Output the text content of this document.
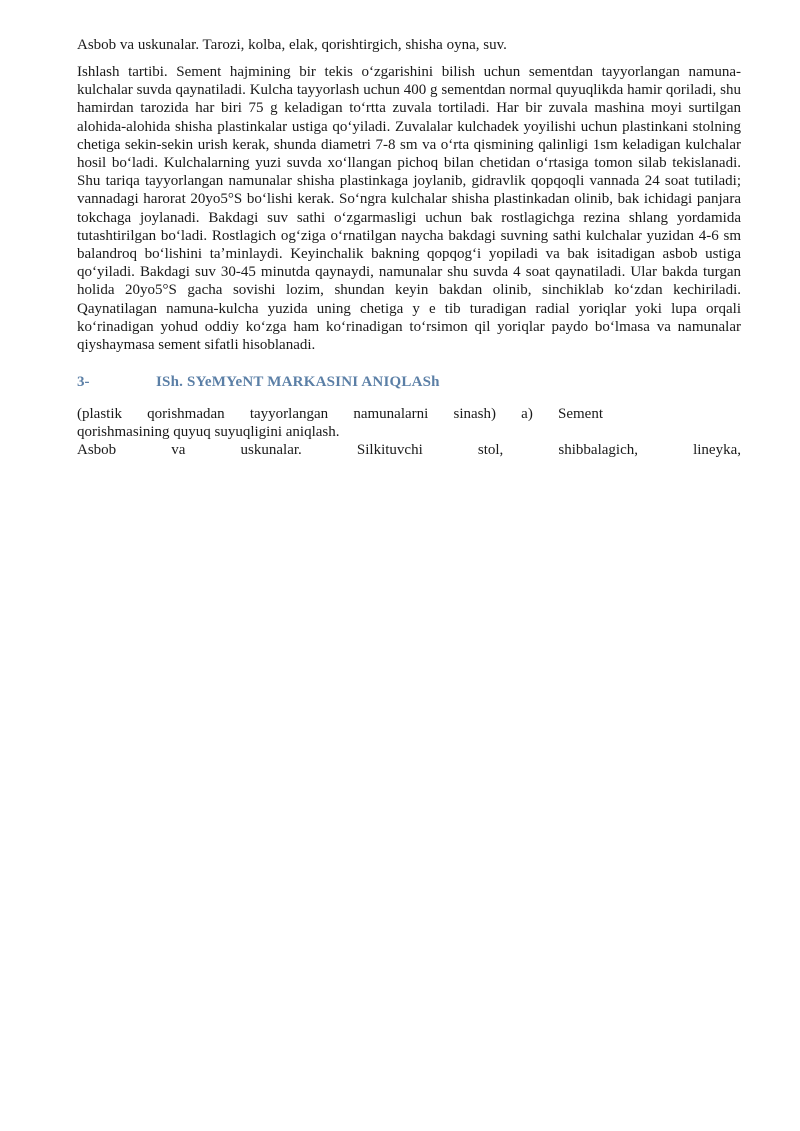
Asbob va uskunalar. Tarozi, kolba, elak, qorishtirgich, shisha oyna, suv.

Ishlash tartibi. Sement hajmining bir tekis oʻzgarishini bilish uchun sementdan tayyorlangan namuna-kulchalar suvda qaynatiladi. Kulcha tayyorlash uchun 400 g sementdan normal quyuqlikda hamir qoriladi, shu hamirdan tarozida har biri 75 g keladigan toʻrtta zuvala tortiladi. Har bir zuvala mashina moyi surtilgan alohida-alohida shisha plastinkalar ustiga qoʻyiladi. Zuvalalar kulchadek yoyilishi uchun plastinkani stolning chetiga sekin-sekin urish kerak, shunda diametri 7-8 sm va oʻrta qismining qalinligi 1sm keladigan kulchalar hosil boʻladi. Kulchalarning yuzi suvda xoʻllangan pichoq bilan chetidan oʻrtasiga tomon silab tekislanadi. Shu tariqa tayyorlangan namunalar shisha plastinkaga joylanib, gidravlik qopqoqli vannada 24 soat tutiladi; vannadagi harorat 20yo5°S boʻlishi kerak. Soʻngra kulchalar shisha plastinkadan olinib, bak ichidagi panjara tokchaga joylanadi. Bakdagi suv sathi oʻzgarmasligi uchun bak rostlagichga rezina shlang yordamida tutashtirilgan boʻladi. Rostlagich ogʻziga oʻrnatilgan naycha bakdagi suvning sathi kulchalar yuzidan 4-6 sm balandroq boʻlishini taʼminlaydi. Keyinchalik bakning qopqogʻi yopiladi va bak isitadigan asbob ustiga qoʻyiladi. Bakdagi suv 30-45 minutda qaynaydi, namunalar shu suvda 4 soat qaynatiladi. Ular bakda turgan holida 20yo5°S gacha sovishi lozim, shundan keyin bakdan olinib, sinchiklab koʻzdan kechiriladi. Qaynatilagan namuna-kulcha yuzida uning chetiga y e tib turadigan radial yoriqlar yoki lupa orqali koʻrinadigan yohud oddiy koʻzga ham koʻrinadigan toʻrsimon qil yoriqlar paydo boʻlmasa va namunalar qiyshaymasa sement sifatli hisoblanadi.

3-	ISh. SYeMYeNT MARKASINI ANIQLASh

(plastik qorishmadan tayyorlangan namunalarni sinash) a) Sement

qorishmasining quyuq suyuqligini aniqlash.

Asbob va uskunalar. Silkituvchi stol, shibbalagich, lineyka,
